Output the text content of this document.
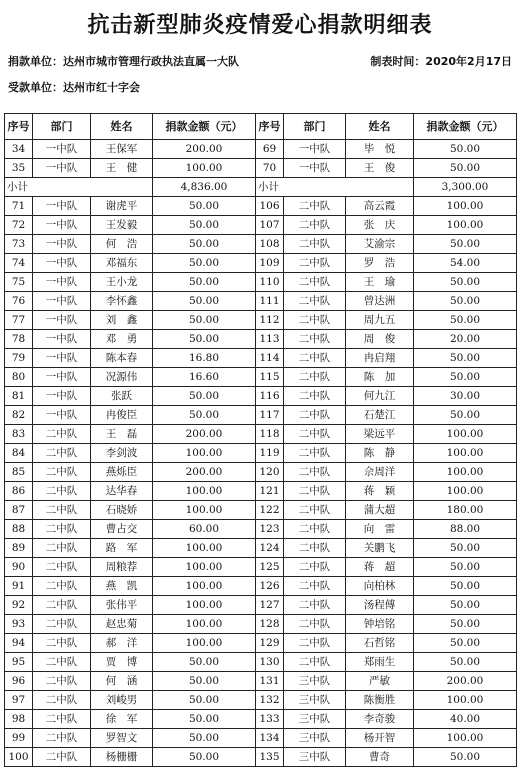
抗击新型肺炎疫情爱心捐款明细表
捐款单位：达州市城市管理行政执法直属一大队	制表时间：2020年2月17日
受款单位：达州市红十字会
序号	部门	姓名	捐款金额（元）	序号	部门	姓名	捐款金额（元）
34	一中队	王保军	200.00	69	一中队	毕　悦	50.00
35	一中队	王　健	100.00	70	一中队	王　俊	50.00
小计			4,836.00	小计			3,300.00
71	一中队	谢虎平	50.00	106	二中队	高云霞	100.00
72	一中队	王发毅	50.00	107	二中队	张　庆	100.00
73	一中队	何　浩	50.00	108	二中队	艾渝宗	50.00
74	一中队	邓福东	50.00	109	二中队	罗　浩	54.00
75	一中队	王小龙	50.00	110	二中队	王　瑜	50.00
76	一中队	李怀鑫	50.00	111	二中队	曾达洲	50.00
77	一中队	刘　鑫	50.00	112	二中队	周九五	50.00
78	一中队	邓　勇	50.00	113	二中队	周　俊	20.00
79	一中队	陈本春	16.80	114	二中队	冉启翔	50.00
80	一中队	况源伟	16.60	115	二中队	陈　加	50.00
81	一中队	张跃	50.00	116	二中队	何九江	30.00
82	一中队	冉俊臣	50.00	117	二中队	石楚江	50.00
83	二中队	王　磊	200.00	118	二中队	梁远平	100.00
84	二中队	李剑波	100.00	119	二中队	陈　静	100.00
85	二中队	燕烁臣	200.00	120	二中队	佘周洋	100.00
86	二中队	达华春	100.00	121	二中队	蒋　颖	100.00
87	二中队	石晓娇	100.00	122	二中队	蒲大超	180.00
88	二中队	曹占交	60.00	123	二中队	向　雷	88.00
89	二中队	路　军	100.00	124	二中队	关鹏飞	50.00
90	二中队	周粮荐	100.00	125	二中队	蒋　超	50.00
91	二中队	燕　凯	100.00	126	二中队	向柏林	50.00
92	二中队	张伟平	100.00	127	二中队	汤程傅	50.00
93	二中队	赵忠菊	100.00	128	二中队	钟培铭	50.00
94	二中队	郝　洋	100.00	129	二中队	石哲铭	50.00
95	二中队	贾　博	50.00	130	二中队	郑雨生	50.00
96	二中队	何　涵	50.00	131	三中队	严敏	200.00
97	二中队	刘峻男	50.00	132	三中队	陈衡胜	100.00
98	二中队	徐　军	50.00	133	三中队	李奇骏	40.00
99	二中队	罗智文	50.00	134	三中队	杨开智	100.00
100	二中队	杨栅栅	50.00	135	三中队	曹奇	50.00
